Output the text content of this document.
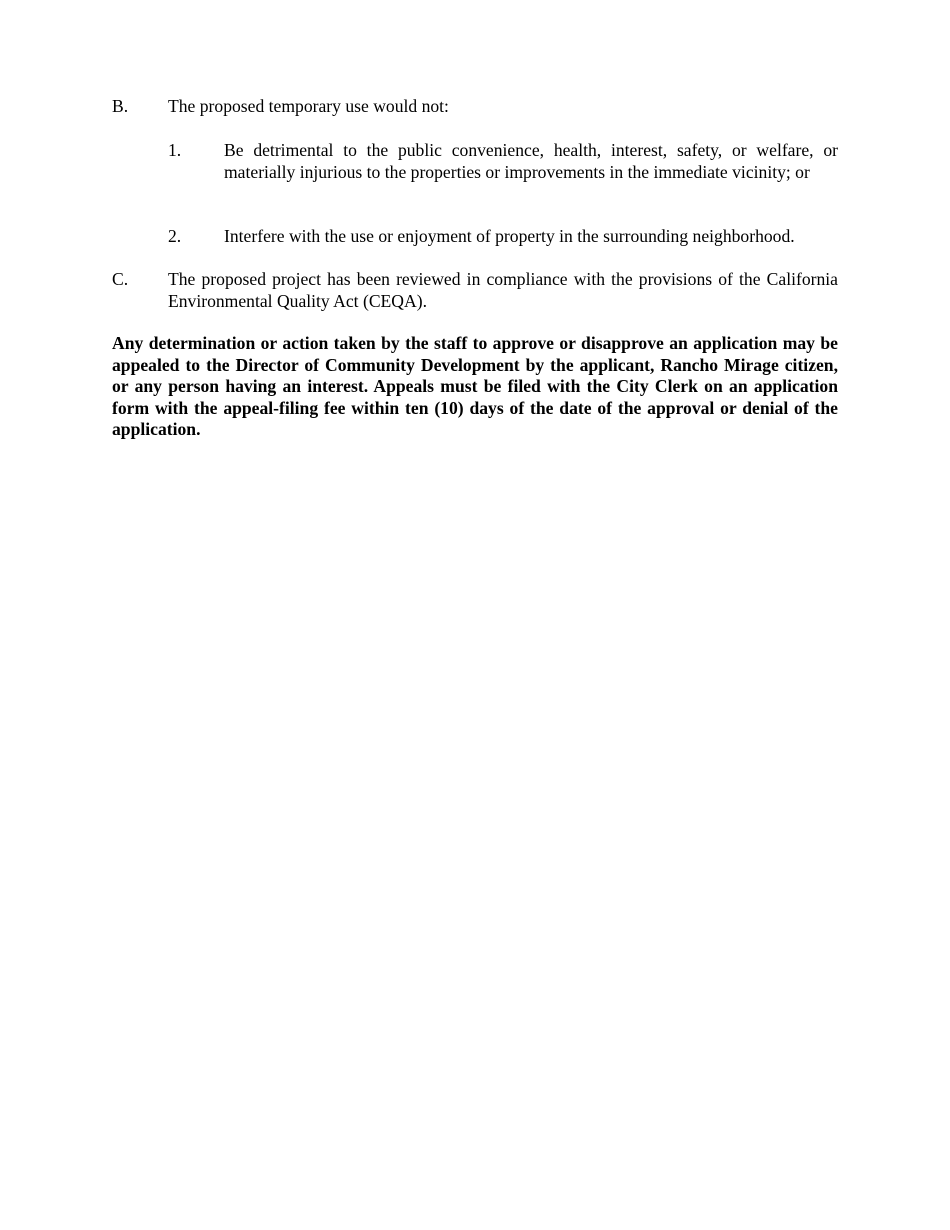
B. The proposed temporary use would not:
1. Be detrimental to the public convenience, health, interest, safety, or welfare, or materially injurious to the properties or improvements in the immediate vicinity; or
2. Interfere with the use or enjoyment of property in the surrounding neighborhood.
C. The proposed project has been reviewed in compliance with the provisions of the California Environmental Quality Act (CEQA).
Any determination or action taken by the staff to approve or disapprove an application may be appealed to the Director of Community Development by the applicant, Rancho Mirage citizen, or any person having an interest. Appeals must be filed with the City Clerk on an application form with the appeal-filing fee within ten (10) days of the date of the approval or denial of the application.
